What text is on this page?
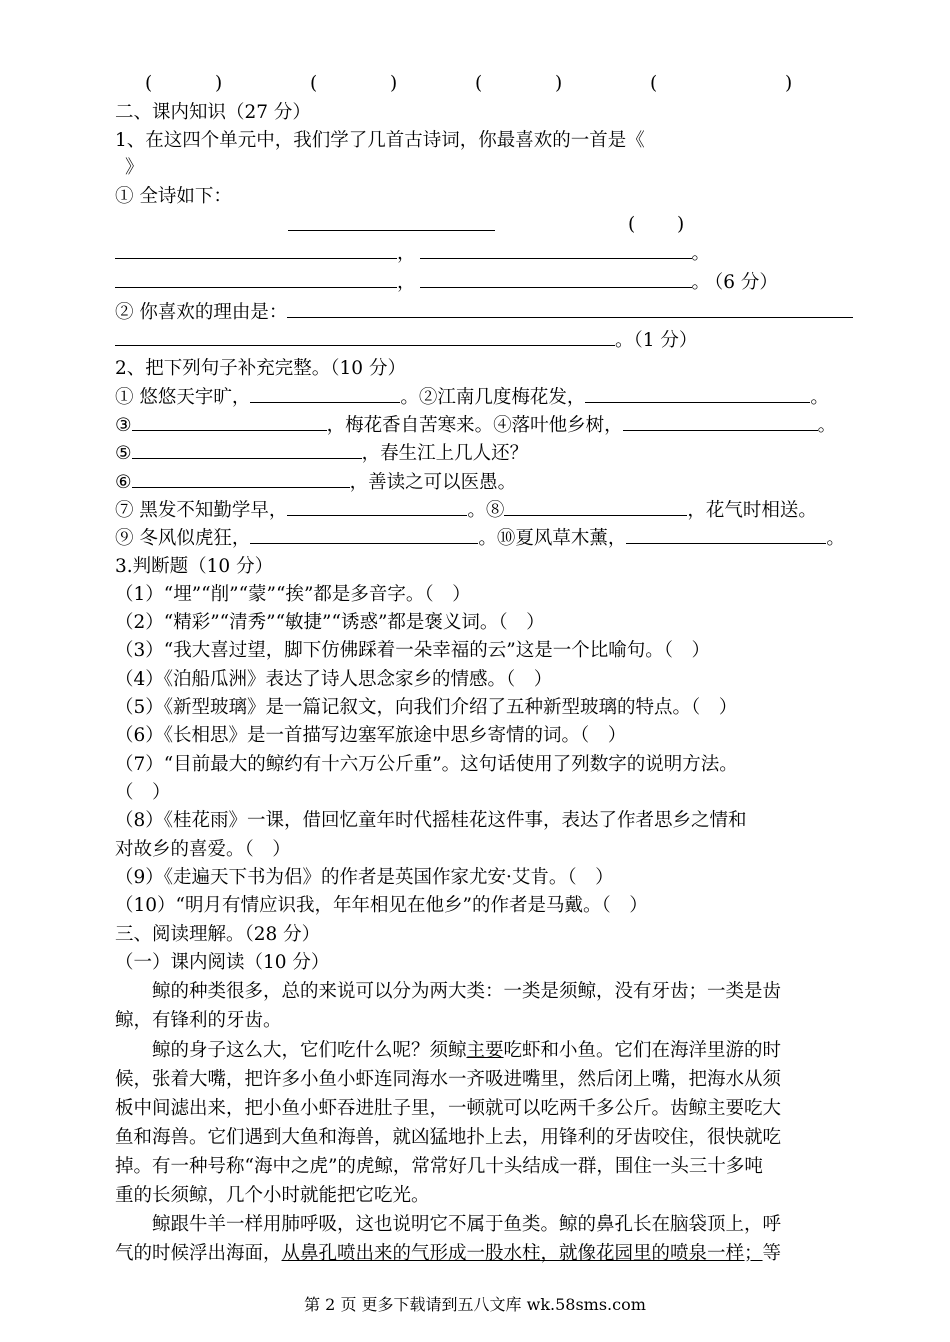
(	)	(	)	(	)	(	)
二、课内知识（27 分）
1、在这四个单元中，我们学了几首古诗词，你最喜欢的一首是《
》
① 全诗如下：
( )
，	。
，	。 （6 分）
② 你喜欢的理由是：
。（1 分）
2、把下列句子补充完整。（10 分）
① 悠悠天宇旷，	。②江南几度梅花发，	。
③	，梅花香自苦寒来。④落叶他乡树，	。
⑤	，春生江上几人还？
⑥	，善读之可以医愚。
⑦ 黑发不知勤学早，	。⑧	，花气时相送。
⑨ 冬风似虎狂，	。⑩夏风草木薰，	。
3.判断题（10 分）
（1）“埋”“削”“蒙”“挨”都是多音字。（　）
（2）“精彩”“清秀”“敏捷”“诱惑”都是褒义词。（　）
（3）“我大喜过望，脚下仿佛踩着一朵幸福的云”这是一个比喻句。（　）
（4）《泊船瓜洲》表达了诗人思念家乡的情感。（　）
（5）《新型玻璃》是一篇记叙文，向我们介绍了五种新型玻璃的特点。（　）
（6）《长相思》是一首描写边塞军旅途中思乡寄情的词。（　）
（7）“目前最大的鲸约有十六万公斤重”。这句话使用了列数字的说明方法。
（　）
（8）《桂花雨》一课，借回忆童年时代摇桂花这件事，表达了作者思乡之情和
对故乡的喜爱。（　）
（9）《走遍天下书为侣》的作者是英国作家尤安·艾肯。（　）
（10）“明月有情应识我，年年相见在他乡”的作者是马戴。（　）
三、阅读理解。（28 分）
（一）课内阅读（10 分）
　　鲸的种类很多，总的来说可以分为两大类：一类是须鲸，没有牙齿；一类是齿
鲸，有锋利的牙齿。
　　鲸的身子这么大，它们吃什么呢？须鲸主要吃虾和小鱼。它们在海洋里游的时
候，张着大嘴，把许多小鱼小虾连同海水一齐吸进嘴里，然后闭上嘴，把海水从须
板中间滤出来，把小鱼小虾吞进肚子里，一顿就可以吃两千多公斤。齿鲸主要吃大
鱼和海兽。它们遇到大鱼和海兽，就凶猛地扑上去，用锋利的牙齿咬住，很快就吃
掉。有一种号称“海中之虎”的虎鲸，常常好几十头结成一群，围住一头三十多吨
重的长须鲸，几个小时就能把它吃光。
　　鲸跟牛羊一样用肺呼吸，这也说明它不属于鱼类。鲸的鼻孔长在脑袋顶上，呼
气的时候浮出海面，从鼻孔喷出来的气形成一股水柱，就像花园里的喷泉一样；等
第 2 页 更多下载请到五八文库 wk.58sms.com
